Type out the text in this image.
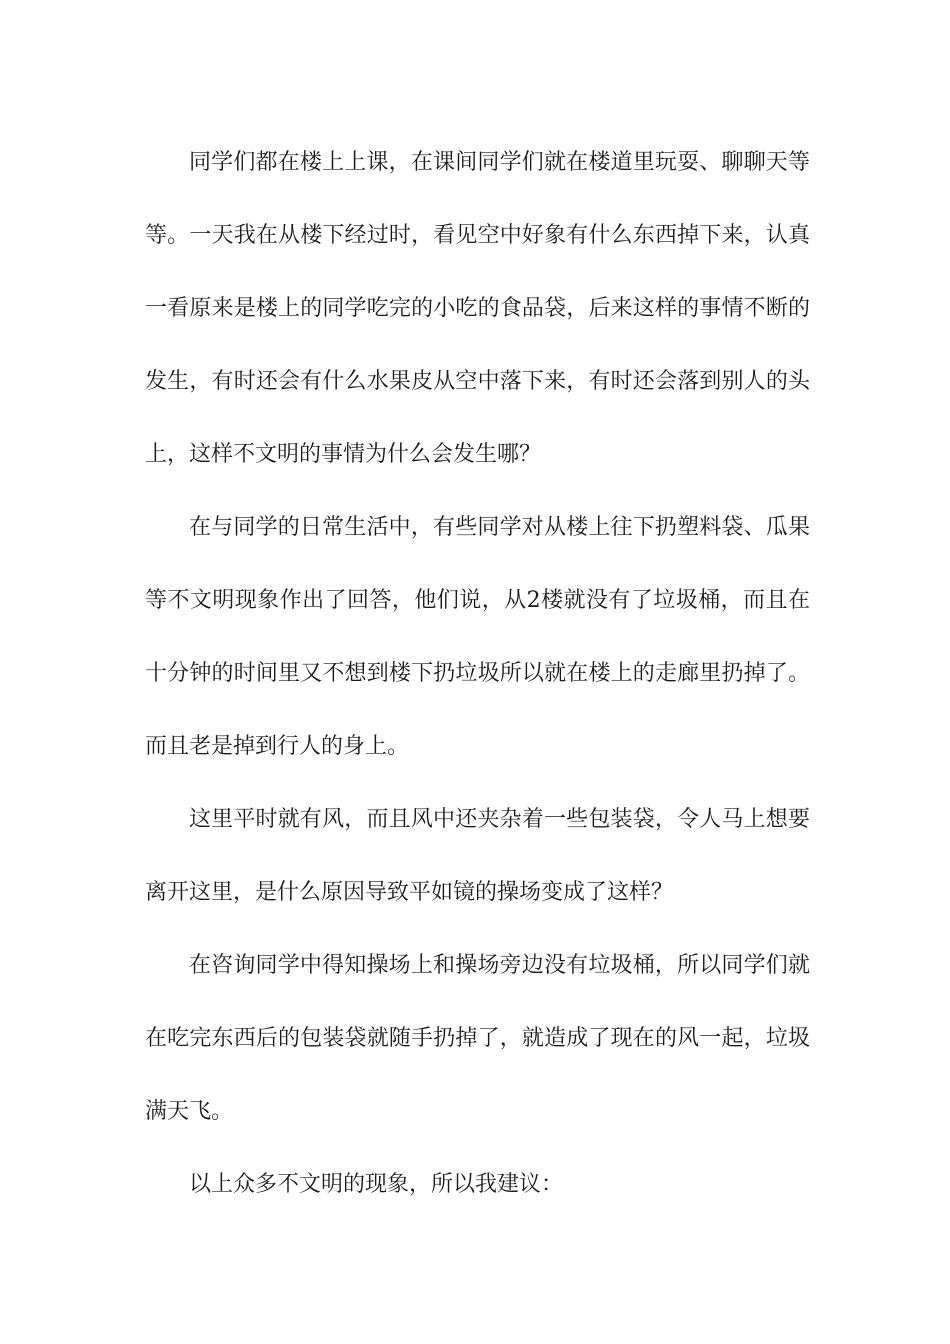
同学们都在楼上上课，在课间同学们就在楼道里玩耍、聊聊天等等。一天我在从楼下经过时，看见空中好象有什么东西掉下来，认真一看原来是楼上的同学吃完的小吃的食品袋，后来这样的事情不断的发生，有时还会有什么水果皮从空中落下来，有时还会落到别人的头上，这样不文明的事情为什么会发生哪？

在与同学的日常生活中，有些同学对从楼上往下扔塑料袋、瓜果等不文明现象作出了回答，他们说，从2楼就没有了垃圾桶，而且在十分钟的时间里又不想到楼下扔垃圾所以就在楼上的走廊里扔掉了。而且老是掉到行人的身上。

这里平时就有风，而且风中还夹杂着一些包装袋，令人马上想要离开这里，是什么原因导致平如镜的操场变成了这样？

在咨询同学中得知操场上和操场旁边没有垃圾桶，所以同学们就在吃完东西后的包装袋就随手扔掉了，就造成了现在的风一起，垃圾满天飞。

以上众多不文明的现象，所以我建议：
